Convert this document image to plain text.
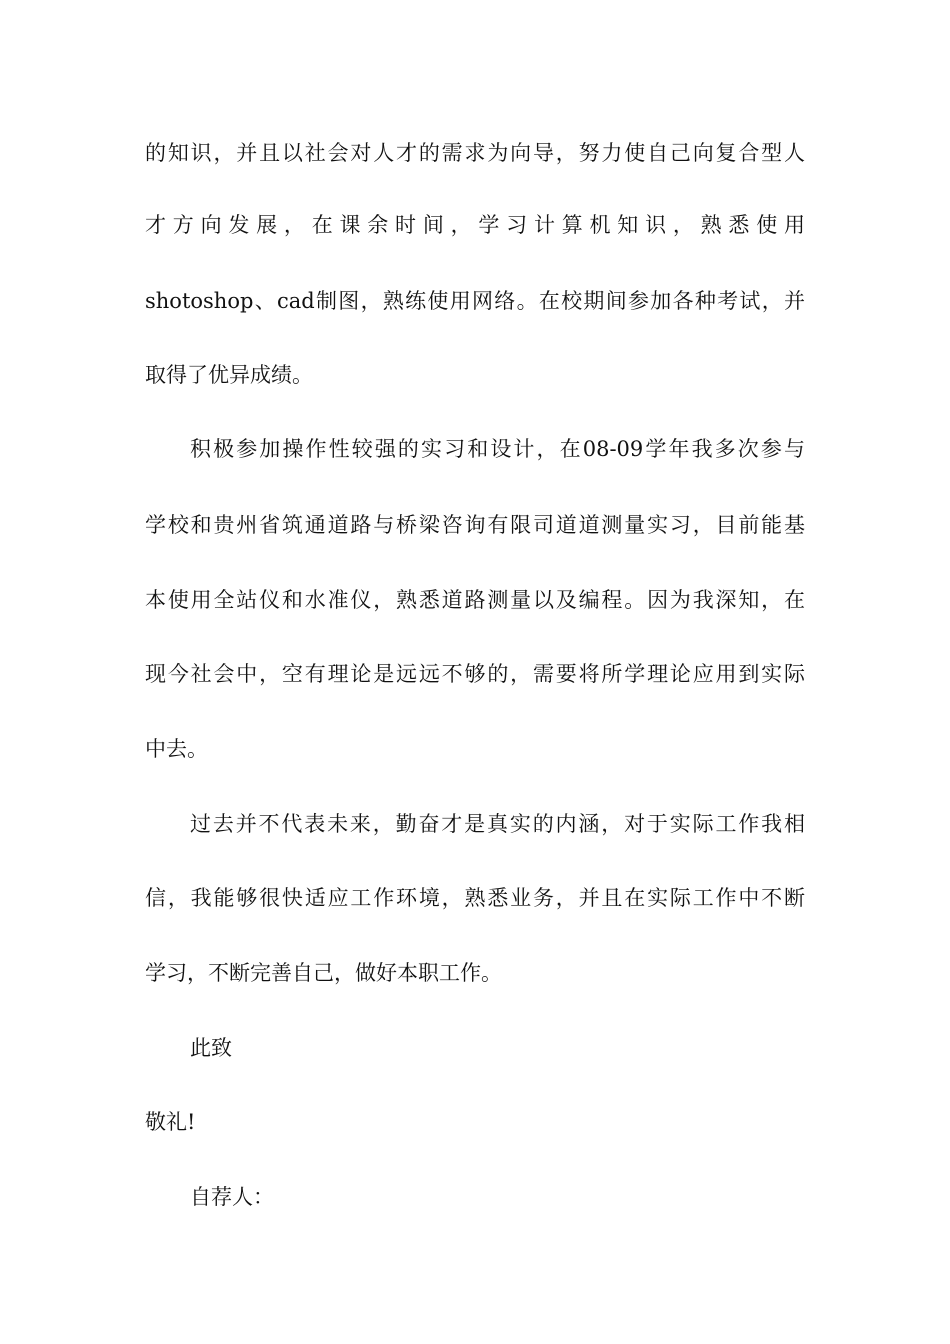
的知识，并且以社会对人才的需求为向导，努力使自己向复合型人
才方向发展，在课余时间，学习计算机知识，熟悉使用
shotoshop、cad制图，熟练使用网络。在校期间参加各种考试，并
取得了优异成绩。
积极参加操作性较强的实习和设计，在08-09学年我多次参与
学校和贵州省筑通道路与桥梁咨询有限司道道测量实习，目前能基
本使用全站仪和水准仪，熟悉道路测量以及编程。因为我深知，在
现今社会中，空有理论是远远不够的，需要将所学理论应用到实际
中去。
过去并不代表未来，勤奋才是真实的内涵，对于实际工作我相
信，我能够很快适应工作环境，熟悉业务，并且在实际工作中不断
学习，不断完善自己，做好本职工作。
此致
敬礼!
自荐人：
